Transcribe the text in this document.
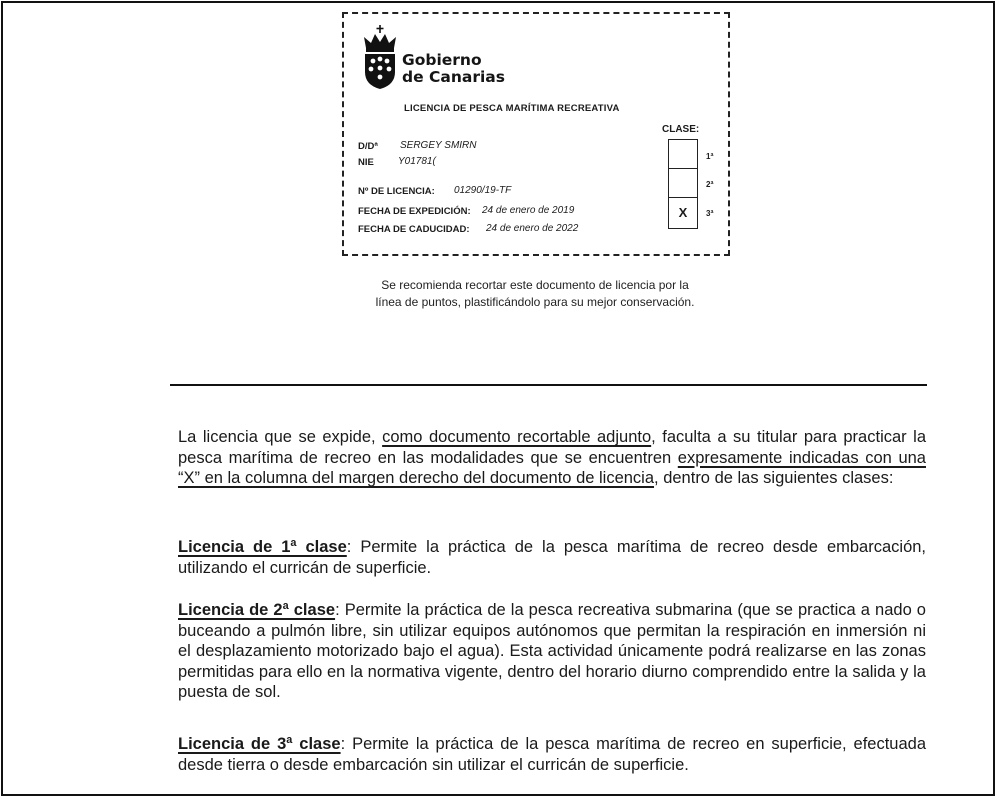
Gobierno
de Canarias
LICENCIA DE PESCA MARÍTIMA RECREATIVA
D/Dª SERGEY SMIRN
NIE Y01781(
Nº DE LICENCIA: 01290/19-TF
FECHA DE EXPEDICIÓN: 24 de enero de 2019
FECHA DE CADUCIDAD: 24 de enero de 2022
CLASE:
X
1ª
2ª
3ª
Se recomienda recortar este documento de licencia por la
línea de puntos, plastificándolo para su mejor conservación.
La licencia que se expide, como documento recortable adjunto, faculta a su titular para practicar la pesca marítima de recreo en las modalidades que se encuentren expresamente indicadas con una “X” en la columna del margen derecho del documento de licencia, dentro de las siguientes clases:
Licencia de 1ª clase: Permite la práctica de la pesca marítima de recreo desde embarcación, utilizando el curricán de superficie.
Licencia de 2ª clase: Permite la práctica de la pesca recreativa submarina (que se practica a nado o buceando a pulmón libre, sin utilizar equipos autónomos que permitan la respiración en inmersión ni el desplazamiento motorizado bajo el agua). Esta actividad únicamente podrá realizarse en las zonas permitidas para ello en la normativa vigente, dentro del horario diurno comprendido entre la salida y la puesta de sol.
Licencia de 3ª clase: Permite la práctica de la pesca marítima de recreo en superficie, efectuada desde tierra o desde embarcación sin utilizar el curricán de superficie.
